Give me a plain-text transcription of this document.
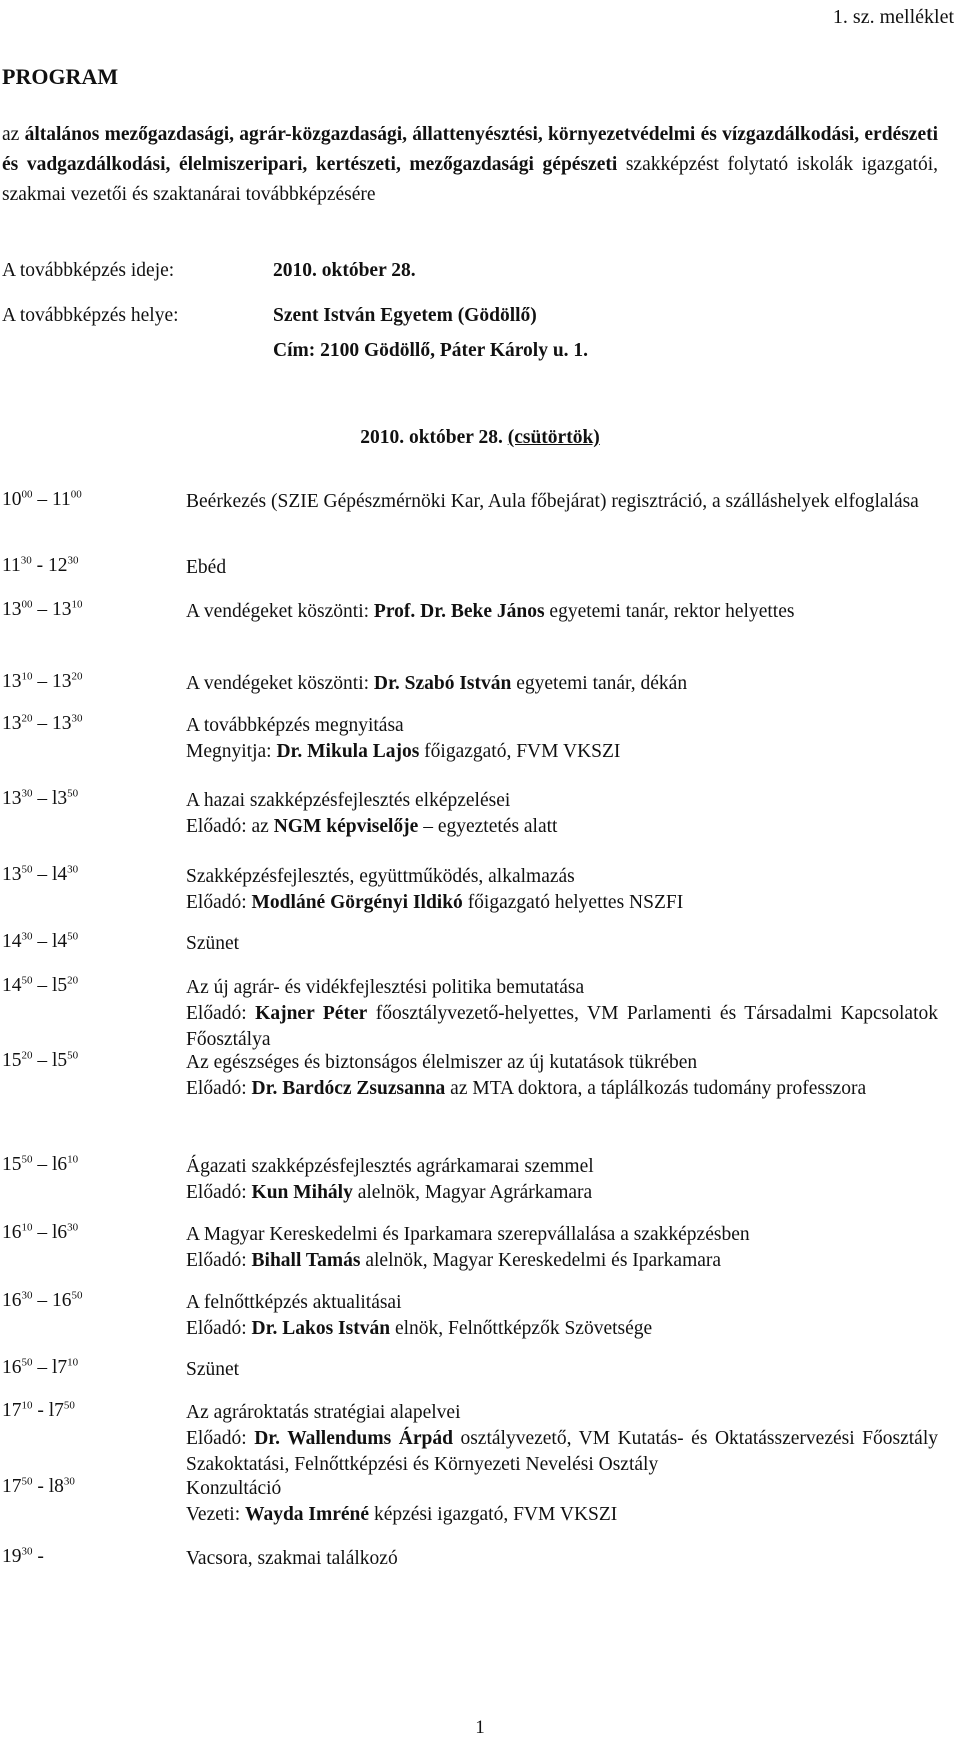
1. sz. melléklet
PROGRAM
az általános mezőgazdasági, agrár-közgazdasági, állattenyésztési, környezetvédelmi és vízgazdálkodási, erdészeti és vadgazdálkodási, élelmiszeripari, kertészeti, mezőgazdasági gépészeti szakképzést folytató iskolák igazgatói, szakmai vezetői és szaktanárai továbbképzésére
A továbbképzés ideje:	2010. október 28.
A továbbképzés helye:	Szent István Egyetem (Gödöllő)
Cím: 2100 Gödöllő, Páter Károly u. 1.
2010. október 28. (csütörtök)
$10^{00} - 11^{00}$	Beérkezés (SZIE Gépészmérnöki Kar, Aula főbejárat) regisztráció, a szálláshelyek elfoglalása
$11^{30} - 12^{30}$	Ebéd
$13^{00} - 13^{10}$	A vendégeket köszönti: Prof. Dr. Beke János egyetemi tanár, rektor helyettes
$13^{10} - 13^{20}$	A vendégeket köszönti: Dr. Szabó István egyetemi tanár, dékán
$13^{20} - 13^{30}$	A továbbképzés megnyitása
Megnyitja: Dr. Mikula Lajos főigazgató, FVM VKSZI
$13^{30} - l3^{50}$	A hazai szakképzésfejlesztés elképzelései
Előadó: az NGM képviselője – egyeztetés alatt
$13^{50} - l4^{30}$	Szakképzésfejlesztés, együttműködés, alkalmazás
Előadó: Modláné Görgényi Ildikó főigazgató helyettes NSZFI
$14^{30} - l4^{50}$	Szünet
$14^{50} - l5^{20}$	Az új agrár- és vidékfejlesztési politika bemutatása
Előadó: Kajner Péter főosztályvezető-helyettes, VM Parlamenti és Társadalmi Kapcsolatok Főosztálya
$15^{20} - l5^{50}$	Az egészséges és biztonságos élelmiszer az új kutatások tükrében
Előadó: Dr. Bardócz Zsuzsanna az MTA doktora, a táplálkozás tudomány professzora
$15^{50} - l6^{10}$	Ágazati szakképzésfejlesztés agrárkamarai szemmel
Előadó: Kun Mihály alelnök, Magyar Agrárkamara
$16^{10} - l6^{30}$	A Magyar Kereskedelmi és Iparkamara szerepvállalása a szakképzésben
Előadó: Bihall Tamás alelnök, Magyar Kereskedelmi és Iparkamara
$16^{30} - 16^{50}$	A felnőttképzés aktualitásai
Előadó: Dr. Lakos István elnök, Felnőttképzők Szövetsége
$16^{50} - l7^{10}$	Szünet
$17^{10} - l7^{50}$	Az agrároktatás stratégiai alapelvei
Előadó: Dr. Wallendums Árpád osztályvezető, VM Kutatás- és Oktatásszervezési Főosztály Szakoktatási, Felnőttképzési és Környezeti Nevelési Osztály
$17^{50} - l8^{30}$	Konzultáció
Vezeti: Wayda Imréné képzési igazgató, FVM VKSZI
$19^{30}$ -	Vacsora, szakmai találkozó
1
